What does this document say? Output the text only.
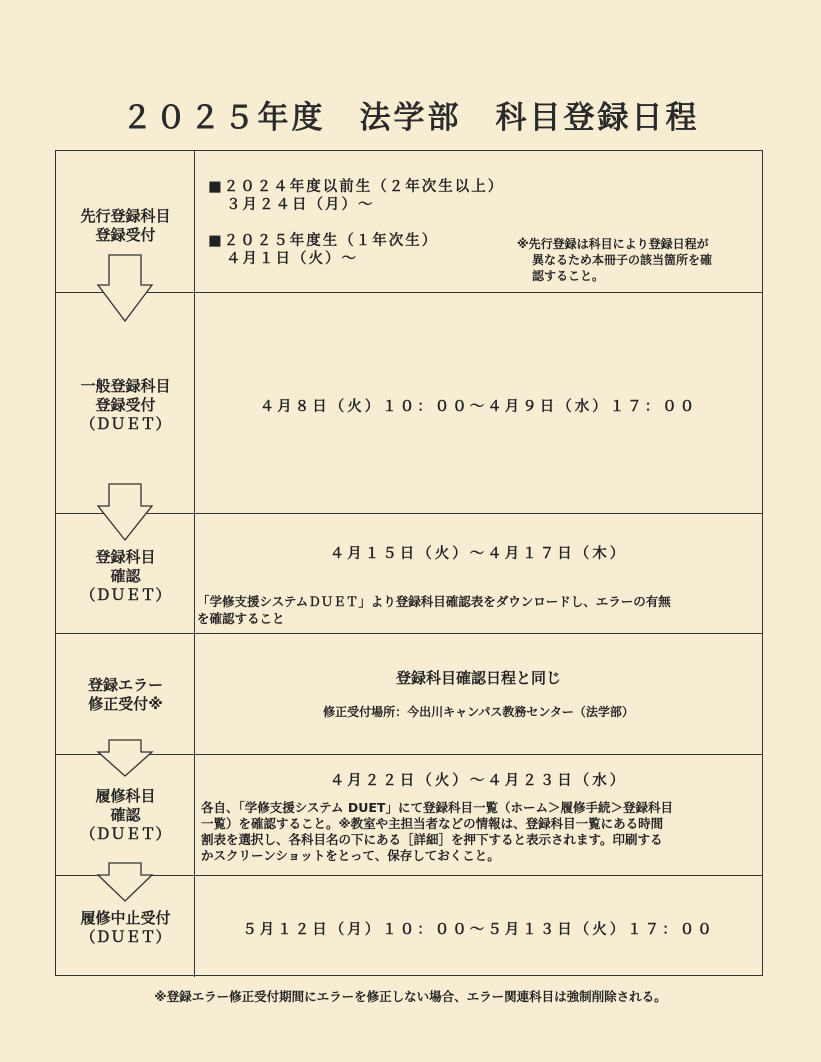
２０２５年度　法学部　科目登録日程
先行登録科目
登録受付
■２０２４年度以前生（２年次生以上）
３月２４日（月）～
■２０２５年度生（１年次生）
４月１日（火）～
※先行登録は科目により登録日程が
異なるため本冊子の該当箇所を確
認すること。
一般登録科目
登録受付
（ＤＵＥＴ）
４月８日（火）１０：００～４月９日（水）１７：００
登録科目
確認
（ＤＵＥＴ）
４月１５日（火）～４月１７日（木）
「学修支援システムＤＵＥＴ」より登録科目確認表をダウンロードし、エラーの有無
を確認すること
登録エラー
修正受付※
登録科目確認日程と同じ
修正受付場所：今出川キャンパス教務センター（法学部）
履修科目
確認
（ＤＵＥＴ）
４月２２日（火）～４月２３日（水）
各自、「学修支援システム DUET」にて登録科目一覧（ホーム＞履修手続＞登録科目
一覧）を確認すること。※教室や主担当者などの情報は、登録科目一覧にある時間
割表を選択し、各科目名の下にある［詳細］を押下すると表示されます。印刷する
かスクリーンショットをとって、保存しておくこと。
履修中止受付
（ＤＵＥＴ）	５月１２日（月）１０：００～５月１３日（火）１７：００
※登録エラー修正受付期間にエラーを修正しない場合、エラー関連科目は強制削除される。
